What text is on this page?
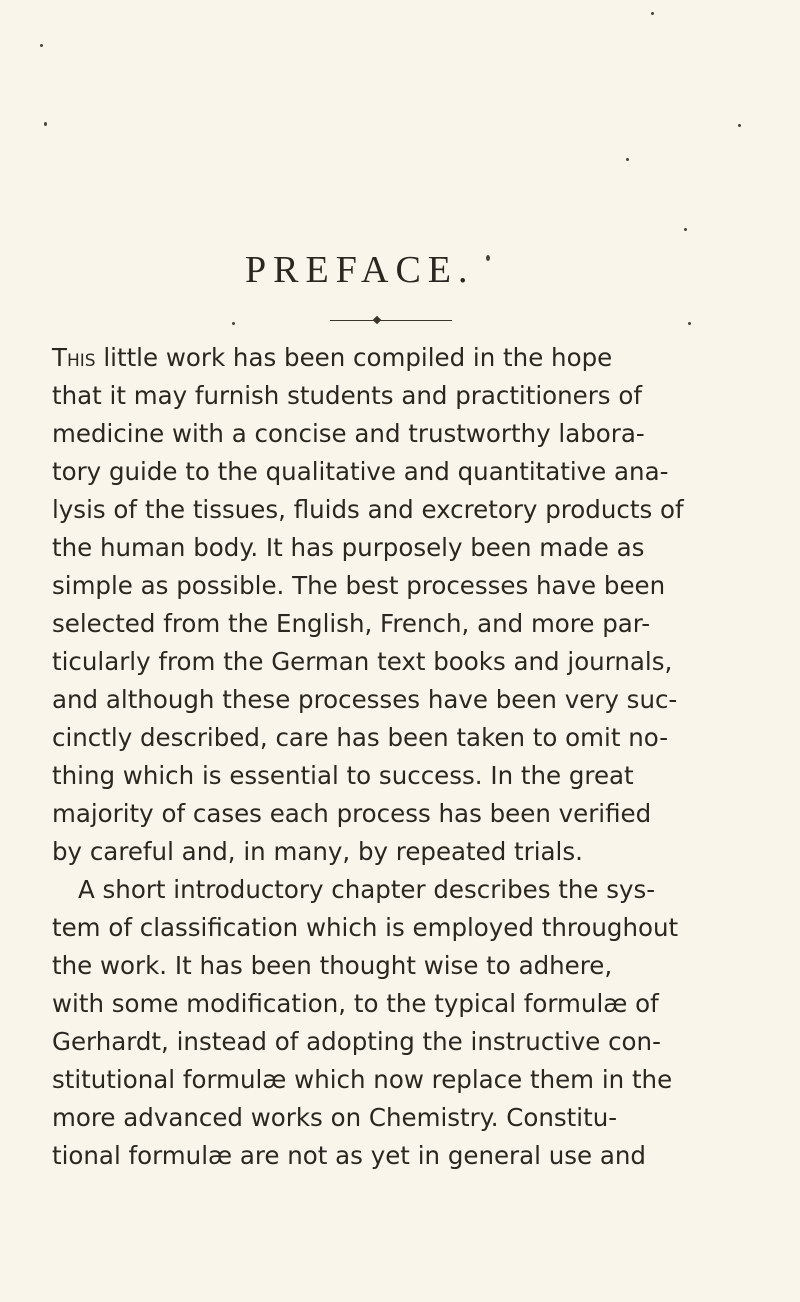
PREFACE.
This little work has been compiled in the hope
that it may furnish students and practitioners of
medicine with a concise and trustworthy labora-
tory guide to the qualitative and quantitative ana-
lysis of the tissues, fluids and excretory products of
the human body. It has purposely been made as
simple as possible. The best processes have been
selected from the English, French, and more par-
ticularly from the German text books and journals,
and although these processes have been very suc-
cinctly described, care has been taken to omit no-
thing which is essential to success. In the great
majority of cases each process has been verified
by careful and, in many, by repeated trials.
A short introductory chapter describes the sys-
tem of classification which is employed throughout
the work. It has been thought wise to adhere,
with some modification, to the typical formulæ of
Gerhardt, instead of adopting the instructive con-
stitutional formulæ which now replace them in the
more advanced works on Chemistry. Constitu-
tional formulæ are not as yet in general use and
